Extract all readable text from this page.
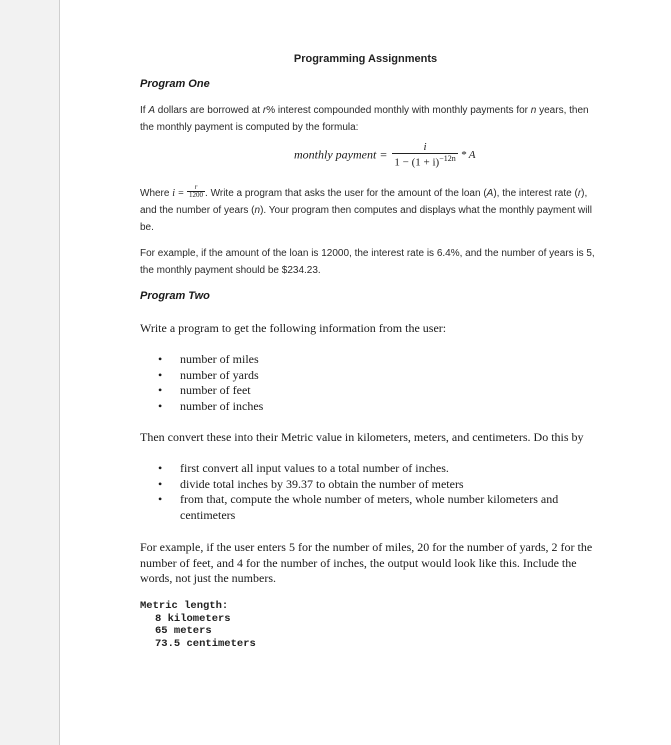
Programming Assignments
Program One
If A dollars are borrowed at r% interest compounded monthly with monthly payments for n years, then
the monthly payment is computed by the formula:
monthly payment = $\frac{i}{1 - (1 + i)^{-12n}}$ * A
Where $i = \frac{r}{1200}$ . Write a program that asks the user for the amount of the loan (A), the interest rate (r),
and the number of years (n). Your program then computes and displays what the monthly payment will
be.
For example, if the amount of the loan is 12000, the interest rate is 6.4%, and the number of years is 5,
the monthly payment should be $234.23.
Program Two
Write a program to get the following information from the user:
• number of miles
• number of yards
• number of feet
• number of inches
Then convert these into their Metric value in kilometers, meters, and centimeters. Do this by
• first convert all input values to a total number of inches.
• divide total inches by 39.37 to obtain the number of meters
• from that, compute the whole number of meters, whole number kilometers and
centimeters
For example, if the user enters 5 for the number of miles, 20 for the number of yards, 2 for the
number of feet, and 4 for the number of inches, the output would look like this. Include the
words, not just the numbers.
Metric length:
8 kilometers
65 meters
73.5 centimeters
